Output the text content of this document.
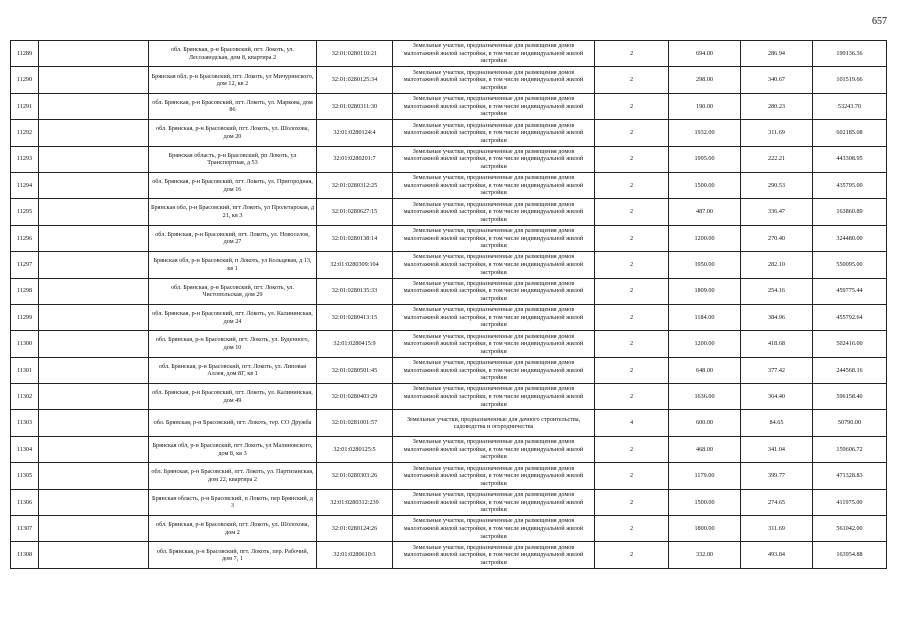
657
11289		обл. Брянская, р-н Брасовский, пгт. Локоть, ул. Лесозаводская, дом 8, квартира 2	32:01:0280110:21	Земельные участки, предназначенные для размещения домов малоэтажной жилой застройки, в том числе индивидуальной жилой застройки	2	694.00	286.94	199136.36
11290		Брянская обл, р-н Брасовский, пгт. Локоть, ул Мичуринского, дом 12, кв 2	32:01:0280125:34	Земельные участки, предназначенные для размещения домов малоэтажной жилой застройки, в том числе индивидуальной жилой застройки	2	298.00	340.67	101519.66
11291		обл. Брянская, р-н Брасовский, пгт. Локоть, ул. Маркова, дом 86	32:01:0280311:30	Земельные участки, предназначенные для размещения домов малоэтажной жилой застройки, в том числе индивидуальной жилой застройки	2	190.00	280.23	53243.70
11292		обл. Брянская, р-н Брасовский, пгт. Локоть, ул. Шолохова, дом 20	32:01:0280124:4	Земельные участки, предназначенные для размещения домов малоэтажной жилой застройки, в том числе индивидуальной жилой застройки	2	1932.00	311.69	602185.08
11293		Брянская область, р-н Брасовский, рп Локоть, ул Транспортная, д 53	32:01:0280201:7	Земельные участки, предназначенные для размещения домов малоэтажной жилой застройки, в том числе индивидуальной жилой застройки	2	1995.00	222.21	443308.95
11294		обл. Брянская, р-н Брасовский, пгт. Локоть, ул. Пригородная, дом 16	32:01:0280312:25	Земельные участки, предназначенные для размещения домов малоэтажной жилой застройки, в том числе индивидуальной жилой застройки	2	1500.00	290.53	435795.00
11295		Брянская обл, р-н Брасовский, пгт Локоть, ул Пролетарская, д 21, кв 3	32:01:0280627:15	Земельные участки, предназначенные для размещения домов малоэтажной жилой застройки, в том числе индивидуальной жилой застройки	2	487.00	336.47	163860.89
11296		обл. Брянская, р-н Брасовский, пгт. Локоть, ул. Новоселов, дом 27	32:01:0280138:14	Земельные участки, предназначенные для размещения домов малоэтажной жилой застройки, в том числе индивидуальной жилой застройки	2	1200.00	270.40	324480.00
11297		Брянская обл, р-н Брасовский, п Локоть, ул Кольцевая, д 13, кв 1	32:01:0280309:104	Земельные участки, предназначенные для размещения домов малоэтажной жилой застройки, в том числе индивидуальной жилой застройки	2	1950.00	282.10	550095.00
11298		обл. Брянская, р-н Брасовский, пгт. Локоть, ул. Чистопольская, дом 29	32:01:0280135:33	Земельные участки, предназначенные для размещения домов малоэтажной жилой застройки, в том числе индивидуальной жилой застройки	2	1809.00	254.16	459775.44
11299		обл. Брянская, р-н Брасовский, пгт. Локоть, ул. Калининская, дом 24	32:01:0280413:15	Земельные участки, предназначенные для размещения домов малоэтажной жилой застройки, в том числе индивидуальной жилой застройки	2	1184.00	384.96	455792.64
11300		обл. Брянская, р-н Брасовский, пгт. Локоть, ул. Буденного, дом 10	32:01:0280415:9	Земельные участки, предназначенные для размещения домов малоэтажной жилой застройки, в том числе индивидуальной жилой застройки	2	1200.00	418.68	502416.00
11301		обл. Брянская, р-н Брасовский, пгт. Локоть, ул. Липовая Аллея, дом 8Г, кв 1	32:01:0280501:45	Земельные участки, предназначенные для размещения домов малоэтажной жилой застройки, в том числе индивидуальной жилой застройки	2	648.00	377.42	244568.16
11302		обл. Брянская, р-н Брасовский, пгт. Локоть, ул. Калининская, дом 49	32:01:0280403:29	Земельные участки, предназначенные для размещения домов малоэтажной жилой застройки, в том числе индивидуальной жилой застройки	2	1636.00	364.40	596158.40
11303		обл. Брянская, р-н Брасовский, пгт. Локоть, тер. СО Дружба	32:01:0281001:57	Земельные участки, предназначенные для дачного строительства, садоводства и огородничества	4	600.00	84.65	50790.00
11304		Брянская обл, р-н Брасовский, пгт Локоть, ул Малиновского, дом 8, кв 3	32:01:0280125:5	Земельные участки, предназначенные для размещения домов малоэтажной жилой застройки, в том числе индивидуальной жилой застройки	2	468.00	341.04	159606.72
11305		обл. Брянская, р-н Брасовский, пгт. Локоть, ул. Партизанская, дом 22, квартира 2	32:01:0280303:26	Земельные участки, предназначенные для размещения домов малоэтажной жилой застройки, в том числе индивидуальной жилой застройки	2	1179.00	399.77	471328.83
11306		Брянская область, р-н Брасовский, п Локоть, пер Брянский, д 3	32:01:0280312:239	Земельные участки, предназначенные для размещения домов малоэтажной жилой застройки, в том числе индивидуальной жилой застройки	2	1500.00	274.65	411975.00
11307		обл. Брянская, р-н Брасовский, пгт. Локоть, ул. Шолохова, дом 2	32:01:0280124:26	Земельные участки, предназначенные для размещения домов малоэтажной жилой застройки, в том числе индивидуальной жилой застройки	2	1800.00	311.69	561042.00
11308		обл. Брянская, р-н Брасовский, пгт. Локоть, пер. Рабочий, дом 7, 1	32:01:0280610:3	Земельные участки, предназначенные для размещения домов малоэтажной жилой застройки, в том числе индивидуальной жилой застройки	2	332.00	493.84	163954.88
